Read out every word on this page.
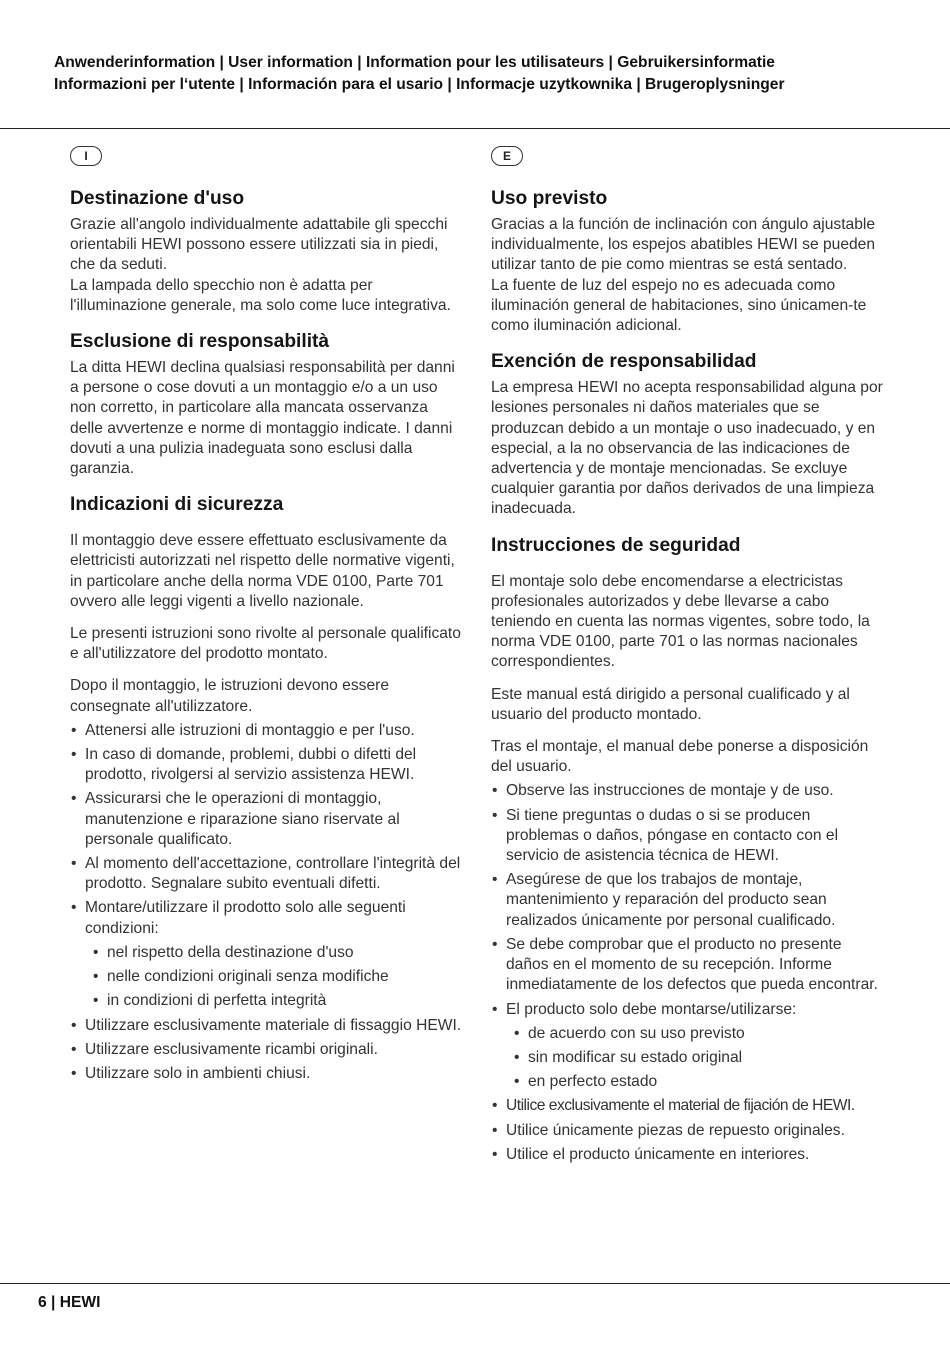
Anwenderinformation | User information | Information pour les utilisateurs | Gebruikersinformatie
Informazioni per l‘utente | Información para el usario | Informacje uzytkownika | Brugeroplysninger
I
Destinazione d'uso

Grazie all'angolo individualmente adattabile gli specchi orientabili HEWI possono essere utilizzati sia in piedi, che da seduti.

La lampada dello specchio non è adatta per l'illuminazione generale, ma solo come luce integrativa.

Esclusione di responsabilità

La ditta HEWI declina qualsiasi responsabilità per danni a persone o cose dovuti a un montaggio e/o a un uso non corretto, in particolare alla mancata osservanza delle avvertenze e norme di montaggio indicate. I danni dovuti a una pulizia inadeguata sono esclusi dalla garanzia.

Indicazioni di sicurezza

Il montaggio deve essere effettuato esclusivamente da elettricisti autorizzati nel rispetto delle normative vigenti, in particolare anche della norma VDE 0100, Parte 701 ovvero alle leggi vigenti a livello nazionale.

Le presenti istruzioni sono rivolte al personale qualificato e all'utilizzatore del prodotto montato.

Dopo il montaggio, le istruzioni devono essere consegnate all'utilizzatore.

• Attenersi alle istruzioni di montaggio e per l'uso.
• In caso di domande, problemi, dubbi o difetti del prodotto, rivolgersi al servizio assistenza HEWI.
• Assicurarsi che le operazioni di montaggio, manutenzione e riparazione siano riservate al personale qualificato.
• Al momento dell'accettazione, controllare l'integrità del prodotto. Segnalare subito eventuali difetti.
• Montare/utilizzare il prodotto solo alle seguenti condizioni:
• nel rispetto della destinazione d'uso
• nelle condizioni originali senza modifiche
• in condizioni di perfetta integrità
• Utilizzare esclusivamente materiale di fissaggio HEWI.
• Utilizzare esclusivamente ricambi originali.
• Utilizzare solo in ambienti chiusi.
E
Uso previsto

Gracias a la función de inclinación con ángulo ajustable individualmente, los espejos abatibles HEWI se pueden utilizar tanto de pie como mientras se está sentado.

La fuente de luz del espejo no es adecuada como iluminación general de habitaciones, sino únicamen-te como iluminación adicional.

Exención de responsabilidad

La empresa HEWI no acepta responsabilidad alguna por lesiones personales ni daños materiales que se produzcan debido a un montaje o uso inadecuado, y en especial, a la no observancia de las indicaciones de advertencia y de montaje mencionadas. Se excluye cualquier garantia por daños derivados de una limpieza inadecuada.

Instrucciones de seguridad

El montaje solo debe encomendarse a electricistas profesionales autorizados y debe llevarse a cabo teniendo en cuenta las normas vigentes, sobre todo, la norma VDE 0100, parte 701 o las normas nacionales correspondientes.

Este manual está dirigido a personal cualificado y al usuario del producto montado.

Tras el montaje, el manual debe ponerse a disposición del usuario.

• Observe las instrucciones de montaje y de uso.
• Si tiene preguntas o dudas o si se producen problemas o daños, póngase en contacto con el servicio de asistencia técnica de HEWI.
• Asegúrese de que los trabajos de montaje, mantenimiento y reparación del producto sean realizados únicamente por personal cualificado.
• Se debe comprobar que el producto no presente daños en el momento de su recepción. Informe inmediatamente de los defectos que pueda encontrar.
• El producto solo debe montarse/utilizarse:
• de acuerdo con su uso previsto
• sin modificar su estado original
• en perfecto estado
• Utilice exclusivamente el material de fijación de HEWI.
• Utilice únicamente piezas de repuesto originales.
• Utilice el producto únicamente en interiores.
6 | HEWI
